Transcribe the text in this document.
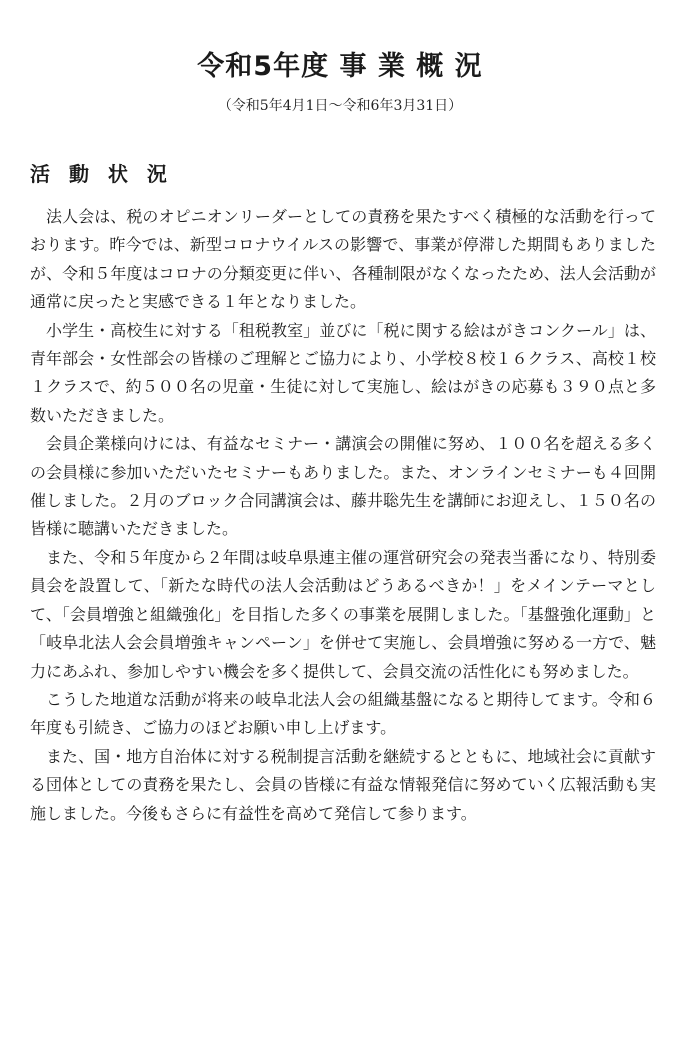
令和5年度 事 業 概 況
（令和5年4月1日～令和6年3月31日）
活 動 状 況

法人会は、税のオピニオンリーダーとしての責務を果たすべく積極的な活動を行っております。昨今では、新型コロナウイルスの影響で、事業が停滞した期間もありましたが、令和５年度はコロナの分類変更に伴い、各種制限がなくなったため、法人会活動が通常に戻ったと実感できる１年となりました。

小学生・高校生に対する「租税教室」並びに「税に関する絵はがきコンクール」は、青年部会・女性部会の皆様のご理解とご協力により、小学校８校１６クラス、高校１校１クラスで、約５００名の児童・生徒に対して実施し、絵はがきの応募も３９０点と多数いただきました。

会員企業様向けには、有益なセミナー・講演会の開催に努め、１００名を超える多くの会員様に参加いただいたセミナーもありました。また、オンラインセミナーも４回開催しました。２月のブロック合同講演会は、藤井聡先生を講師にお迎えし、１５０名の皆様に聴講いただきました。

また、令和５年度から２年間は岐阜県連主催の運営研究会の発表当番になり、特別委員会を設置して、「新たな時代の法人会活動はどうあるべきか！」をメインテーマとして、「会員増強と組織強化」を目指した多くの事業を展開しました。「基盤強化運動」と「岐阜北法人会会員増強キャンペーン」を併せて実施し、会員増強に努める一方で、魅力にあふれ、参加しやすい機会を多く提供して、会員交流の活性化にも努めました。

こうした地道な活動が将来の岐阜北法人会の組織基盤になると期待してます。令和６年度も引続き、ご協力のほどお願い申し上げます。

また、国・地方自治体に対する税制提言活動を継続するとともに、地域社会に貢献する団体としての責務を果たし、会員の皆様に有益な情報発信に努めていく広報活動も実施しました。今後もさらに有益性を高めて発信して参ります。
